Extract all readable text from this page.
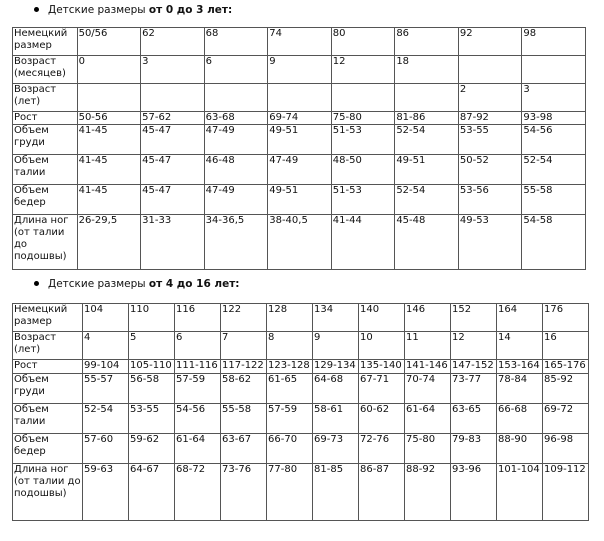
Детские размеры от 0 до 3 лет:
Немецкий размер	50/56	62	68	74	80	86	92	98
Возраст (месяцев)	0	3	6	9	12	18		
Возраст (лет)							2	3
Рост	50-56	57-62	63-68	69-74	75-80	81-86	87-92	93-98
Объем груди	41-45	45-47	47-49	49-51	51-53	52-54	53-55	54-56
Объем талии	41-45	45-47	46-48	47-49	48-50	49-51	50-52	52-54
Объем бедер	41-45	45-47	47-49	49-51	51-53	52-54	53-56	55-58
Длина ног (от талии до подошвы)	26-29,5	31-33	34-36,5	38-40,5	41-44	45-48	49-53	54-58
Детские размеры от 4 до 16 лет:
Немецкий размер	104	110	116	122	128	134	140	146	152	164	176
Возраст (лет)	4	5	6	7	8	9	10	11	12	14	16
Рост	99-104	105-110	111-116	117-122	123-128	129-134	135-140	141-146	147-152	153-164	165-176
Объем груди	55-57	56-58	57-59	58-62	61-65	64-68	67-71	70-74	73-77	78-84	85-92
Объем талии	52-54	53-55	54-56	55-58	57-59	58-61	60-62	61-64	63-65	66-68	69-72
Объем бедер	57-60	59-62	61-64	63-67	66-70	69-73	72-76	75-80	79-83	88-90	96-98
Длина ног (от талии до подошвы)	59-63	64-67	68-72	73-76	77-80	81-85	86-87	88-92	93-96	101-104	109-112
